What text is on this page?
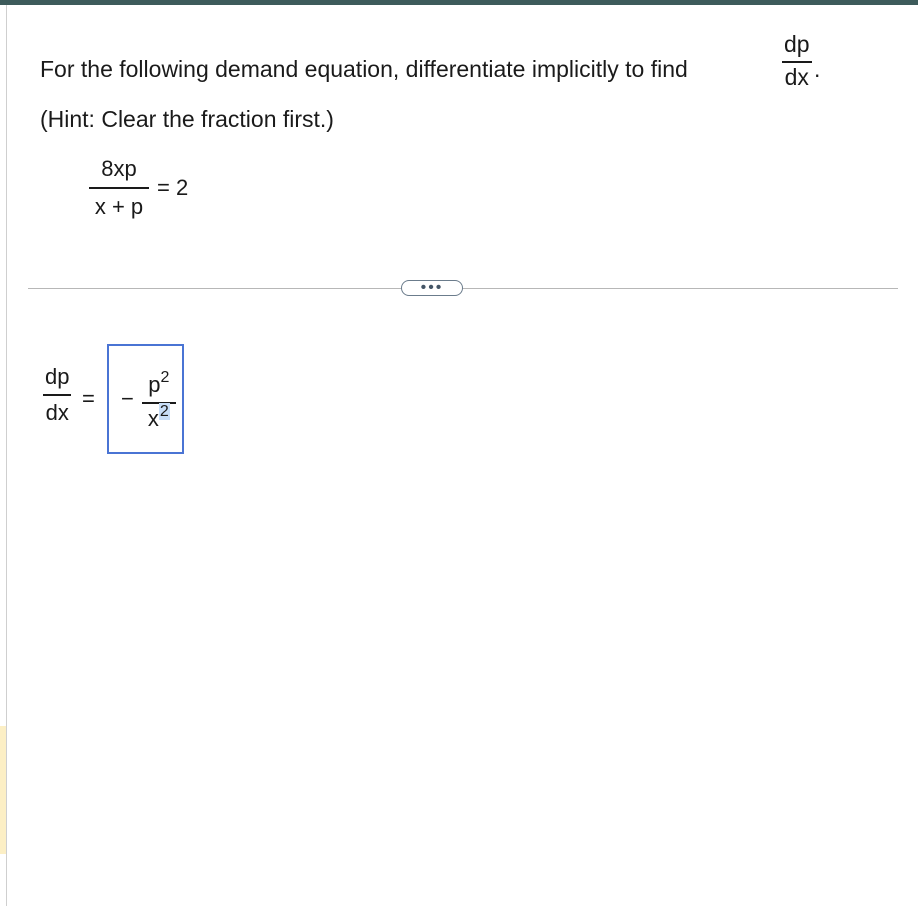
For the following demand equation, differentiate implicitly to find
dp
dx .
(Hint: Clear the fraction first.)
$\frac{8xp}{x + p} = 2$
•••
dp
dx
= − $\frac{p^2}{x^2}$
